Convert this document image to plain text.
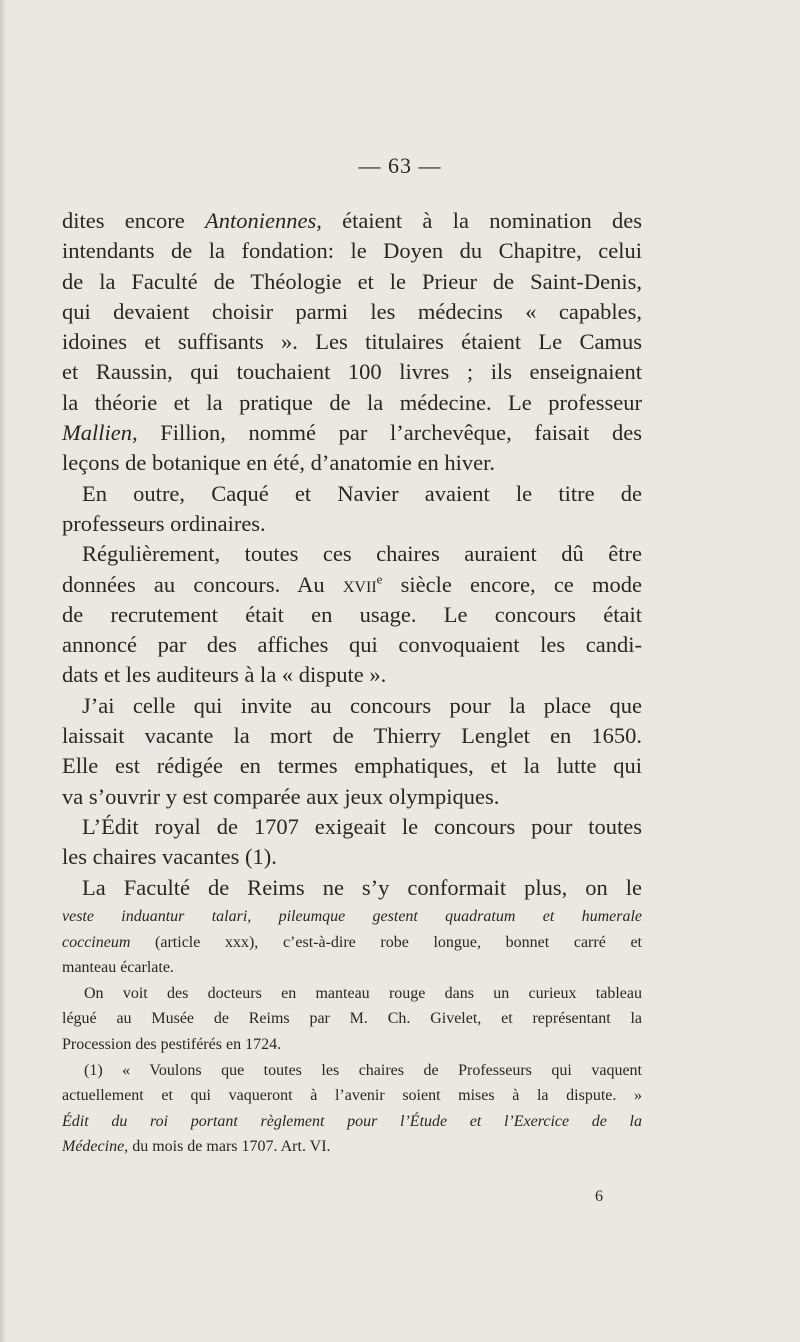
— 63 —
dites encore Antoniennes, étaient à la nomination des
intendants de la fondation: le Doyen du Chapitre, celui
de la Faculté de Théologie et le Prieur de Saint-Denis,
qui devaient choisir parmi les médecins « capables,
idoines et suffisants ». Les titulaires étaient Le Camus
et Raussin, qui touchaient 100 livres ; ils enseignaient
la théorie et la pratique de la médecine. Le professeur
Mallien, Fillion, nommé par l’archevêque, faisait des
leçons de botanique en été, d’anatomie en hiver.
En outre, Caqué et Navier avaient le titre de
professeurs ordinaires.
Régulièrement, toutes ces chaires auraient dû être
données au concours. Au xvii$^e$ siècle encore, ce mode
de recrutement était en usage. Le concours était
annoncé par des affiches qui convoquaient les candi-
dats et les auditeurs à la « dispute ».
J’ai celle qui invite au concours pour la place que
laissait vacante la mort de Thierry Lenglet en 1650.
Elle est rédigée en termes emphatiques, et la lutte qui
va s’ouvrir y est comparée aux jeux olympiques.
L’Édit royal de 1707 exigeait le concours pour toutes
les chaires vacantes (1).
La Faculté de Reims ne s’y conformait plus, on le
veste induantur talari, pileumque gestent quadratum et humerale
coccineum (article xxx), c’est-à-dire robe longue, bonnet carré et
manteau écarlate.
On voit des docteurs en manteau rouge dans un curieux tableau
légué au Musée de Reims par M. Ch. Givelet, et représentant la
Procession des pestiférés en 1724.
(1) « Voulons que toutes les chaires de Professeurs qui vaquent
actuellement et qui vaqueront à l’avenir soient mises à la dispute. »
Édit du roi portant règlement pour l’Étude et l’Exercice de la
Médecine, du mois de mars 1707. Art. VI.
6
